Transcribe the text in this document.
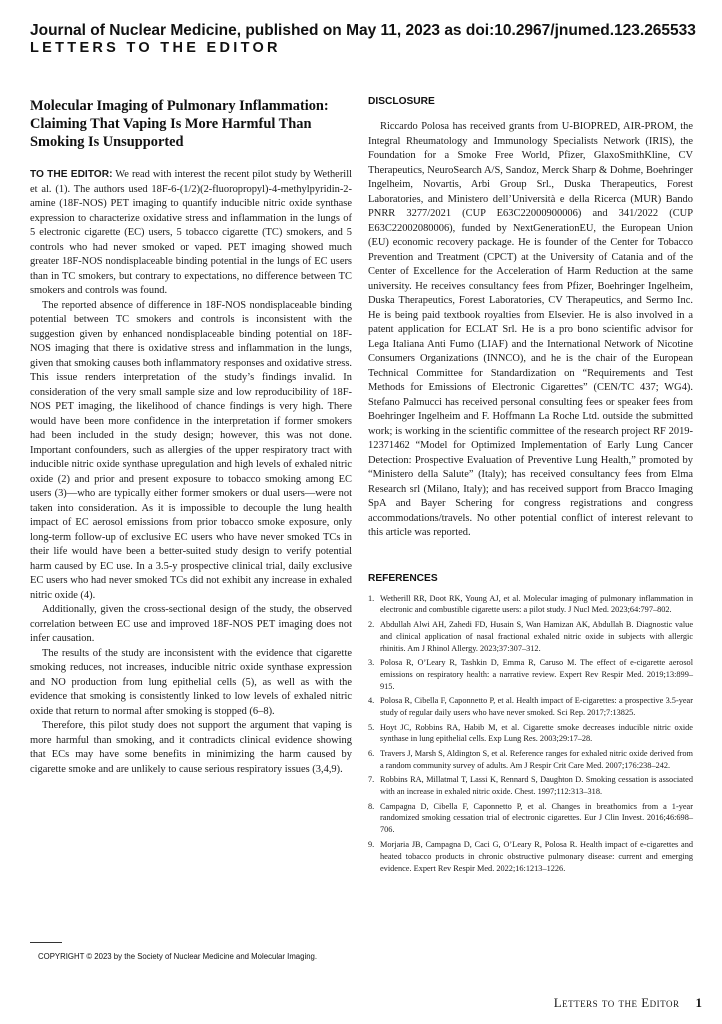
Journal of Nuclear Medicine, published on May 11, 2023 as doi:10.2967/jnumed.123.265533
LETTERS TO THE EDITOR
Molecular Imaging of Pulmonary Inflammation: Claiming That Vaping Is More Harmful Than Smoking Is Unsupported

TO THE EDITOR: We read with interest the recent pilot study by Wetherill et al. (1). The authors used 18F-6-(1/2)(2-fluoropropyl)-4-methylpyridin-2-amine (18F-NOS) PET imaging to quantify inducible nitric oxide synthase expression to characterize oxidative stress and inflammation in the lungs of 5 electronic cigarette (EC) users, 5 tobacco cigarette (TC) smokers, and 5 controls who had never smoked or vaped. PET imaging showed much greater 18F-NOS nondisplaceable binding potential in the lungs of EC users than in TC smokers, but contrary to expectations, no difference between TC smokers and controls was found.

The reported absence of difference in 18F-NOS nondisplaceable binding potential between TC smokers and controls is inconsistent with the suggestion given by enhanced nondisplaceable binding potential on 18F-NOS imaging that there is oxidative stress and inflammation in the lungs, given that smoking causes both inflammatory responses and oxidative stress. This issue renders interpretation of the study’s findings invalid. In consideration of the very small sample size and low reproducibility of 18F-NOS PET imaging, the likelihood of chance findings is very high. There would have been more confidence in the interpretation if former smokers had been included in the study design; however, this was not done. Important confounders, such as allergies of the upper respiratory tract with inducible nitric oxide synthase upregulation and high levels of exhaled nitric oxide (2) and prior and present exposure to tobacco smoking among EC users (3)—who are typically either former smokers or dual users—were not taken into consideration. As it is impossible to decouple the lung health impact of EC aerosol emissions from prior tobacco smoke exposure, only long-term follow-up of exclusive EC users who have never smoked TCs in their life would have been a better-suited study design to verify potential harm caused by EC use. In a 3.5-y prospective clinical trial, daily exclusive EC users who had never smoked TCs did not exhibit any increase in exhaled nitric oxide (4).

Additionally, given the cross-sectional design of the study, the observed correlation between EC use and improved 18F-NOS PET imaging does not infer causation.

The results of the study are inconsistent with the evidence that cigarette smoking reduces, not increases, inducible nitric oxide synthase expression and NO production from lung epithelial cells (5), as well as with the evidence that smoking is consistently linked to low levels of exhaled nitric oxide that return to normal after smoking is stopped (6–8).

Therefore, this pilot study does not support the argument that vaping is more harmful than smoking, and it contradicts clinical evidence showing that ECs may have some benefits in minimizing the harm caused by cigarette smoke and are unlikely to cause serious respiratory issues (3,4,9).

DISCLOSURE

Riccardo Polosa has received grants from U-BIOPRED, AIR-PROM, the Integral Rheumatology and Immunology Specialists Network (IRIS), the Foundation for a Smoke Free World, Pfizer, GlaxoSmithKline, CV Therapeutics, NeuroSearch A/S, Sandoz, Merck Sharp & Dohme, Boehringer Ingelheim, Novartis, Arbi Group Srl., Duska Therapeutics, Forest Laboratories, and Ministero dell’Università e della Ricerca (MUR) Bando PNRR 3277/2021 (CUP E63C22000900006) and 341/2022 (CUP E63C22002080006), funded by NextGenerationEU, the European Union (EU) economic recovery package. He is founder of the Center for Tobacco Prevention and Treatment (CPCT) at the University of Catania and of the Center of Excellence for the Acceleration of Harm Reduction at the same university. He receives consultancy fees from Pfizer, Boehringer Ingelheim, Duska Therapeutics, Forest Laboratories, CV Therapeutics, and Sermo Inc. He is being paid textbook royalties from Elsevier. He is also involved in a patent application for ECLAT Srl. He is a pro bono scientific advisor for Lega Italiana Anti Fumo (LIAF) and the International Network of Nicotine Consumers Organizations (INNCO), and he is the chair of the European Technical Committee for Standardization on “Requirements and Test Methods for Emissions of Electronic Cigarettes” (CEN/TC 437; WG4). Stefano Palmucci has received personal consulting fees or speaker fees from Boehringer Ingelheim and F. Hoffmann La Roche Ltd. outside the submitted work; is working in the scientific committee of the research project RF 2019-12371462 “Model for Optimized Implementation of Early Lung Cancer Detection: Prospective Evaluation of Preventive Lung Health,” promoted by “Ministero della Salute” (Italy); has received consultancy fees from Elma Research srl (Milano, Italy); and has received support from Bracco Imaging SpA and Bayer Schering for congress registrations and congress accommodations/travels. No other potential conflict of interest relevant to this article was reported.

REFERENCES
1. Wetherill RR, Doot RK, Young AJ, et al. Molecular imaging of pulmonary inflammation in electronic and combustible cigarette users: a pilot study. J Nucl Med. 2023;64:797–802.
2. Abdullah Alwi AH, Zahedi FD, Husain S, Wan Hamizan AK, Abdullah B. Diagnostic value and clinical application of nasal fractional exhaled nitric oxide in subjects with allergic rhinitis. Am J Rhinol Allergy. 2023;37:307–312.
3. Polosa R, O’Leary R, Tashkin D, Emma R, Caruso M. The effect of e-cigarette aerosol emissions on respiratory health: a narrative review. Expert Rev Respir Med. 2019;13:899–915.
4. Polosa R, Cibella F, Caponnetto P, et al. Health impact of E-cigarettes: a prospective 3.5-year study of regular daily users who have never smoked. Sci Rep. 2017;7:13825.
5. Hoyt JC, Robbins RA, Habib M, et al. Cigarette smoke decreases inducible nitric oxide synthase in lung epithelial cells. Exp Lung Res. 2003;29:17–28.
6. Travers J, Marsh S, Aldington S, et al. Reference ranges for exhaled nitric oxide derived from a random community survey of adults. Am J Respir Crit Care Med. 2007;176:238–242.
7. Robbins RA, Millatmal T, Lassi K, Rennard S, Daughton D. Smoking cessation is associated with an increase in exhaled nitric oxide. Chest. 1997;112:313–318.
8. Campagna D, Cibella F, Caponnetto P, et al. Changes in breathomics from a 1-year randomized smoking cessation trial of electronic cigarettes. Eur J Clin Invest. 2016;46:698–706.
9. Morjaria JB, Campagna D, Caci G, O’Leary R, Polosa R. Health impact of e-cigarettes and heated tobacco products in chronic obstructive pulmonary disease: current and emerging evidence. Expert Rev Respir Med. 2022;16:1213–1226.
COPYRIGHT © 2023 by the Society of Nuclear Medicine and Molecular Imaging.
Letters to the Editor 1
